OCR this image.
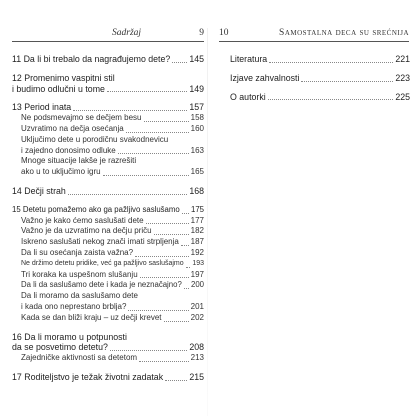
Sadržaj	9
11 Da li bi trebalo da nagrađujemo dete? 145
12 Promenimo vaspitni stil
i budimo odlučni u tome	149
13 Period inata	157
Ne podsmevajmo se dečjem besu	158
Uzvratimo na dečja osećanja	160
Uključimo dete u porodičnu svakodnevicu
i zajedno donosimo odluke	163
Mnoge situacije lakše je razrešiti
ako u to uključimo igru	165
14 Dečji strah	168
15 Detetu pomažemo ako ga pažljivo saslušamo 175
Važno je kako ćemo saslušati dete	177
Važno je da uzvratimo na dečju priču	182
Iskreno saslušati nekog znači imati strpljenja 187
Da li su osećanja zaista važna?	192
Ne držimo detetu pridike, već ga pažljivo saslušajmo 193
Tri koraka ka uspešnom slušanju	197
Da li da saslušamo dete i kada je neznačajno? 200
Da li moramo da saslušamo dete
i kada ono neprestano brblja?	201
Kada se dan bliži kraju – uz dečji krevet	202
16 Da li moramo u potpunosti
da se posvetimo detetu?	208
Zajedničke aktivnosti sa detetom	213
17 Roditeljstvo je težak životni zadatak	215
10	Samostalna deca su srećnija
Literatura	221
Izjave zahvalnosti	223
O autorki	225
